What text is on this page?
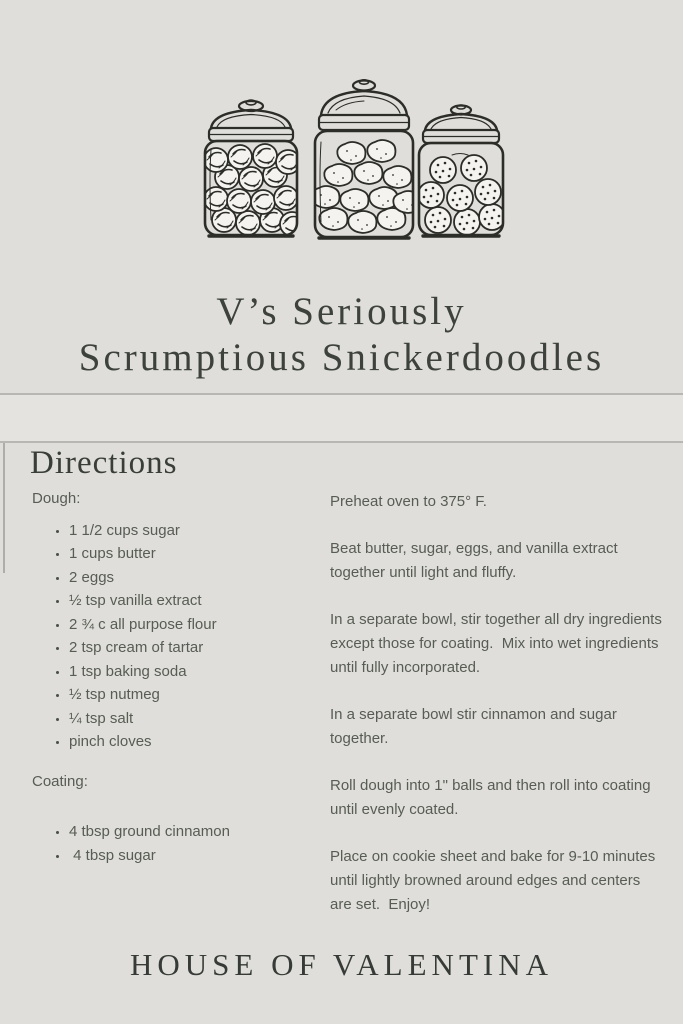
V’s Seriously
Scrumptious Snickerdoodles
Directions

Dough:

• 1 1/2 cups sugar
• 1 cups butter
• 2 eggs
• ½ tsp vanilla extract
• 2 ¾ c all purpose flour
• 2 tsp cream of tartar
• 1 tsp baking soda
• ½ tsp nutmeg
• ¼ tsp salt
• pinch cloves

Coating:

• 4 tbsp ground cinnamon
•  4 tbsp sugar

Preheat oven to 375° F.

Beat butter, sugar, eggs, and vanilla extract together until light and fluffy.

In a separate bowl, stir together all dry ingredients except those for coating.  Mix into wet ingredients until fully incorporated.

In a separate bowl stir cinnamon and sugar together.

Roll dough into 1" balls and then roll into coating until evenly coated.

Place on cookie sheet and bake for 9-10 minutes until lightly browned around edges and centers are set.  Enjoy!

HOUSE OF VALENTINA
